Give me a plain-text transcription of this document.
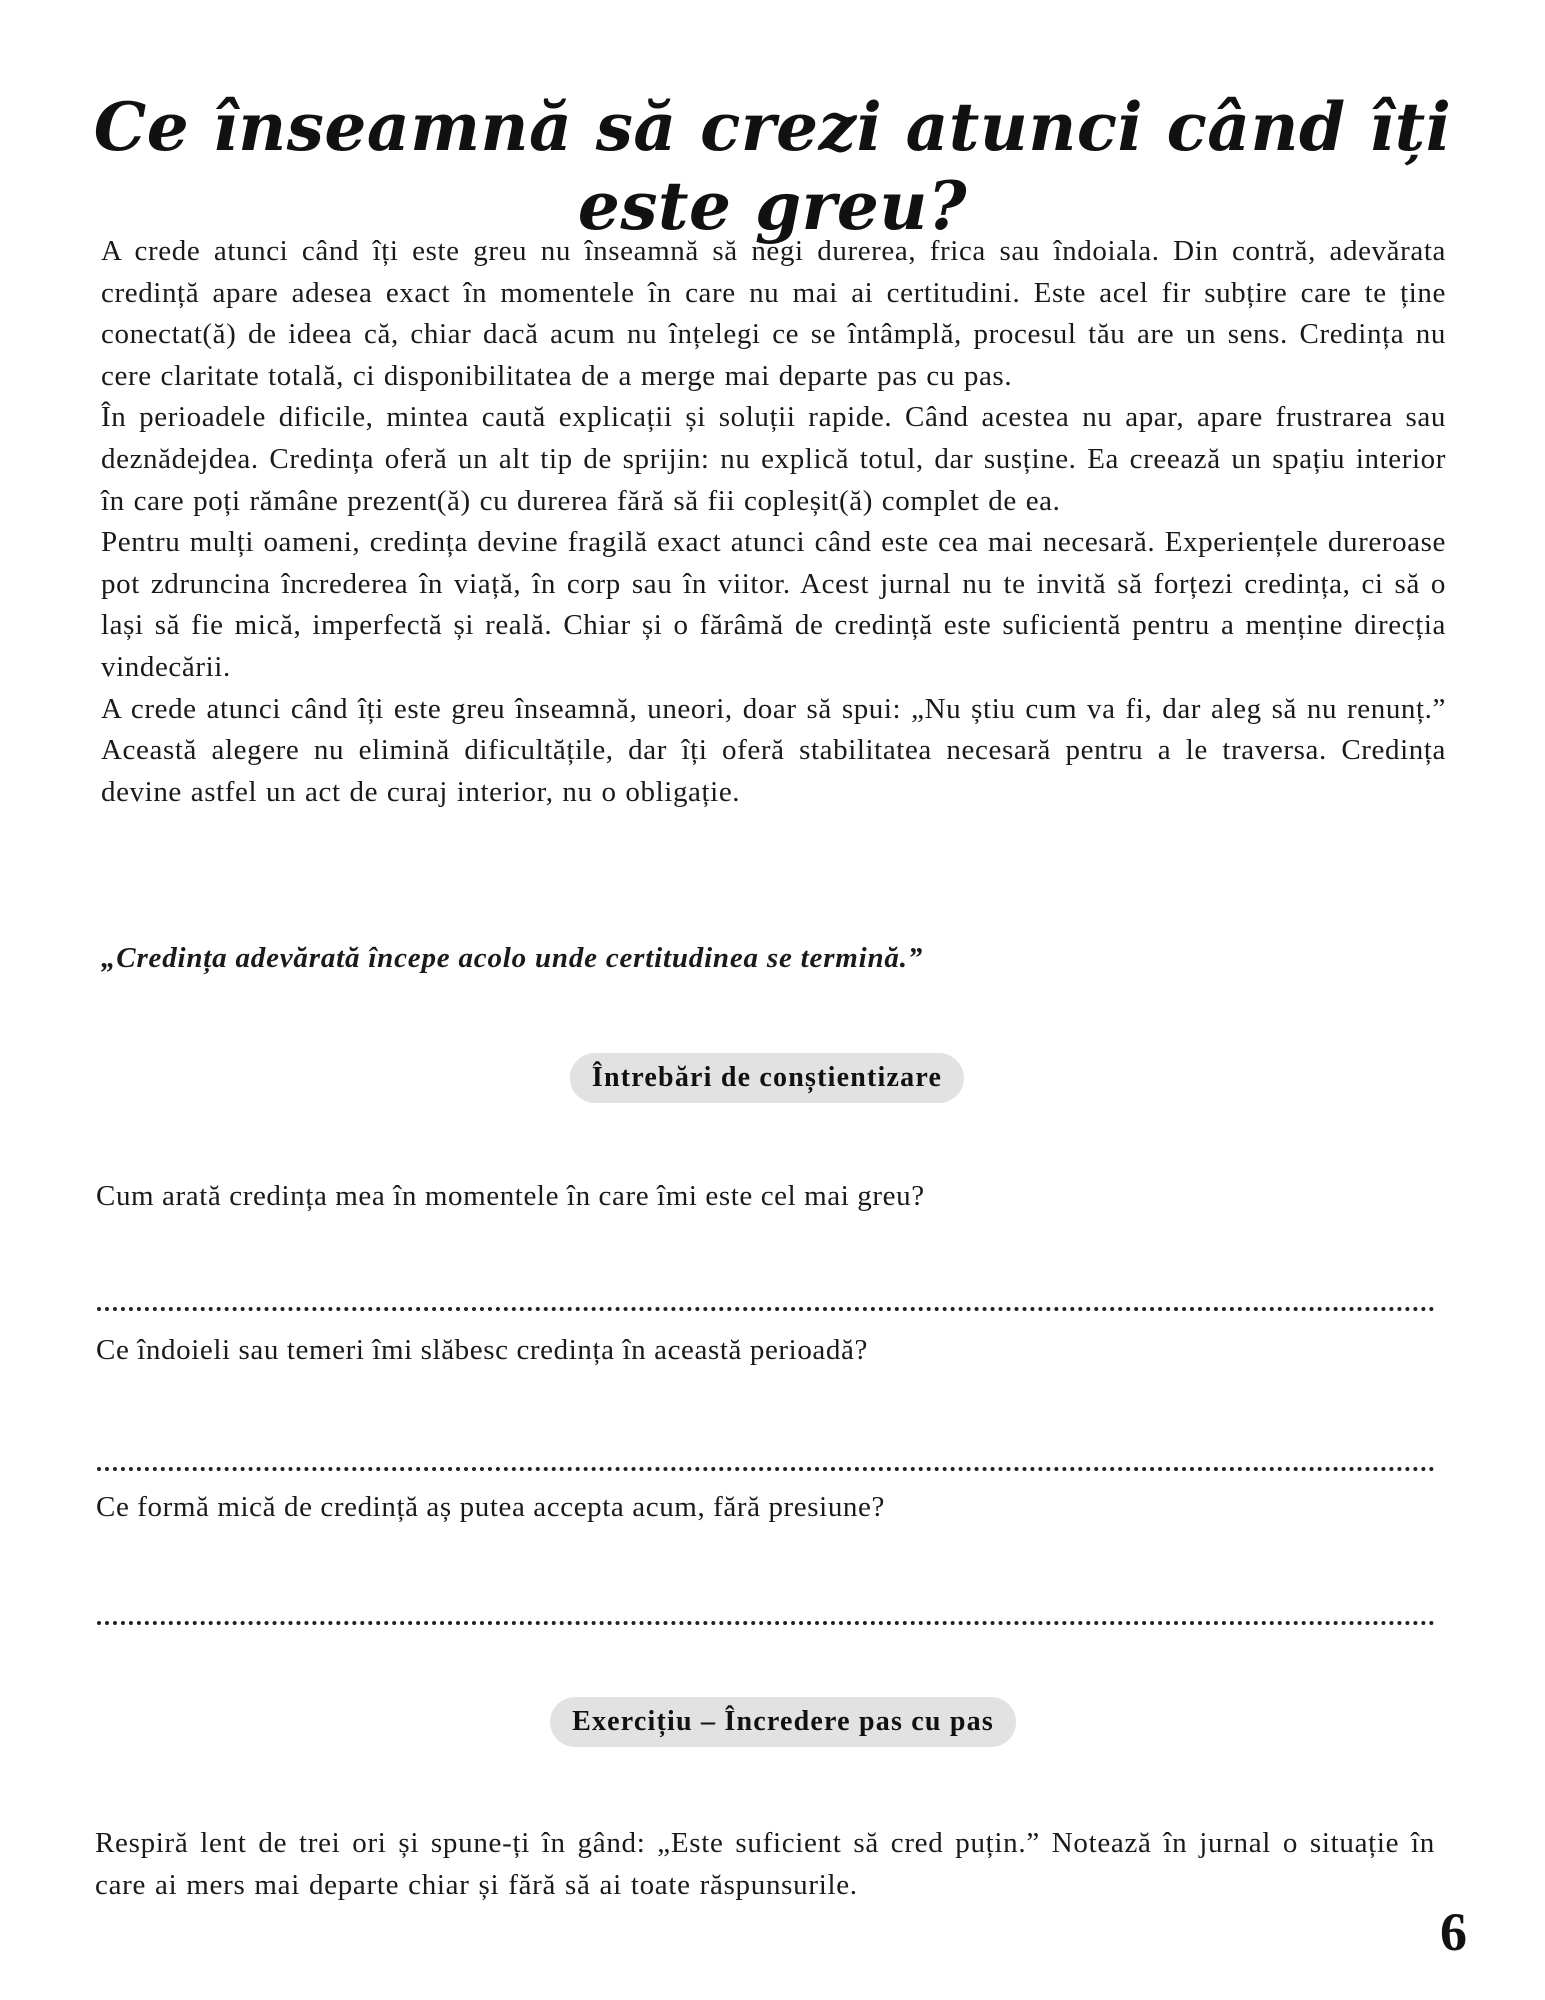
Ce înseamnă să crezi atunci când îți este greu?

A crede atunci când îți este greu nu înseamnă să negi durerea, frica sau îndoiala. Din contră, adevărata credință apare adesea exact în momentele în care nu mai ai certitudini. Este acel fir subțire care te ține conectat(ă) de ideea că, chiar dacă acum nu înțelegi ce se întâmplă, procesul tău are un sens. Credința nu cere claritate totală, ci disponibilitatea de a merge mai departe pas cu pas.

În perioadele dificile, mintea caută explicații și soluții rapide. Când acestea nu apar, apare frustrarea sau deznădejdea. Credința oferă un alt tip de sprijin: nu explică totul, dar susține. Ea creează un spațiu interior în care poți rămâne prezent(ă) cu durerea fără să fii copleșit(ă) complet de ea.

Pentru mulți oameni, credința devine fragilă exact atunci când este cea mai necesară. Experiențele dureroase pot zdruncina încrederea în viață, în corp sau în viitor. Acest jurnal nu te invită să forțezi credința, ci să o lași să fie mică, imperfectă și reală. Chiar și o fărâmă de credință este suficientă pentru a menține direcția vindecării.

A crede atunci când îți este greu înseamnă, uneori, doar să spui: „Nu știu cum va fi, dar aleg să nu renunț.” Această alegere nu elimină dificultățile, dar îți oferă stabilitatea necesară pentru a le traversa. Credința devine astfel un act de curaj interior, nu o obligație.

„Credința adevărată începe acolo unde certitudinea se termină.”

Întrebări de conștientizare

Cum arată credința mea în momentele în care îmi este cel mai greu?

Ce îndoieli sau temeri îmi slăbesc credința în această perioadă?

Ce formă mică de credință aș putea accepta acum, fără presiune?

Exercițiu – Încredere pas cu pas

Respiră lent de trei ori și spune-ți în gând: „Este suficient să cred puțin.” Notează în jurnal o situație în care ai mers mai departe chiar și fără să ai toate răspunsurile.

6
